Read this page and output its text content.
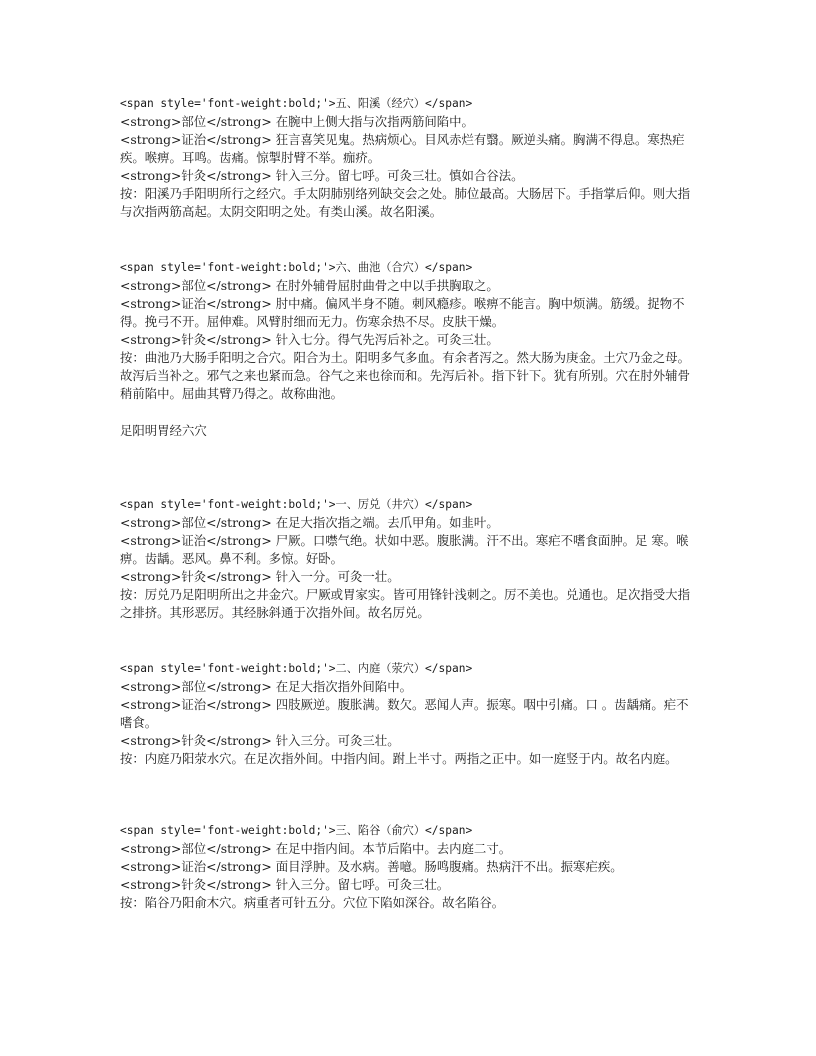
<span style='font-weight:bold;'>五、阳溪（经穴）</span>
<strong>部位</strong> 在腕中上侧大指与次指两筋间陷中。
<strong>证治</strong> 狂言喜笑见鬼。热病烦心。目风赤烂有翳。厥逆头痛。胸满不得息。寒热疟疾。喉痹。耳鸣。齿痛。惊掣肘臂不举。痂疥。
<strong>针灸</strong> 针入三分。留七呼。可灸三壮。慎如合谷法。
按：阳溪乃手阳明所行之经穴。手太阴肺别络列缺交会之处。肺位最高。大肠居下。手指掌后仰。则大指与次指两筋高起。太阴交阳明之处。有类山溪。故名阳溪。
<span style='font-weight:bold;'>六、曲池（合穴）</span>
<strong>部位</strong> 在肘外辅骨屈肘曲骨之中以手拱胸取之。
<strong>证治</strong> 肘中痛。偏风半身不随。刺风瘾疹。喉痹不能言。胸中烦满。筋缓。捉物不得。挽弓不开。屈伸难。风臂肘细而无力。伤寒余热不尽。皮肤干燥。
<strong>针灸</strong> 针入七分。得气先泻后补之。可灸三壮。
按：曲池乃大肠手阳明之合穴。阳合为土。阳明多气多血。有余者泻之。然大肠为庚金。土穴乃金之母。故泻后当补之。邪气之来也紧而急。谷气之来也徐而和。先泻后补。指下针下。犹有所别。穴在肘外辅骨稍前陷中。屈曲其臂乃得之。故称曲池。
足阳明胃经六穴
<span style='font-weight:bold;'>一、厉兑（井穴）</span>
<strong>部位</strong> 在足大指次指之端。去爪甲角。如韭叶。
<strong>证治</strong> 尸厥。口噤气绝。状如中恶。腹胀满。汗不出。寒疟不嗜食面肿。足 寒。喉痹。齿龋。恶风。鼻不利。多惊。好卧。
<strong>针灸</strong> 针入一分。可灸一壮。
按：厉兑乃足阳明所出之井金穴。尸厥或胃家实。皆可用锋针浅刺之。厉不美也。兑通也。足次指受大指之排挤。其形恶厉。其经脉斜通于次指外间。故名厉兑。
<span style='font-weight:bold;'>二、内庭（荥穴）</span>
<strong>部位</strong> 在足大指次指外间陷中。
<strong>证治</strong> 四肢厥逆。腹胀满。数欠。恶闻人声。振寒。咽中引痛。口 。齿龋痛。疟不嗜食。
<strong>针灸</strong> 针入三分。可灸三壮。
按：内庭乃阳荥水穴。在足次指外间。中指内间。跗上半寸。两指之正中。如一庭竖于内。故名内庭。
<span style='font-weight:bold;'>三、陷谷（俞穴）</span>
<strong>部位</strong> 在足中指内间。本节后陷中。去内庭二寸。
<strong>证治</strong> 面目浮肿。及水病。善噫。肠鸣腹痛。热病汗不出。振寒疟疾。
<strong>针灸</strong> 针入三分。留七呼。可灸三壮。
按：陷谷乃阳俞木穴。病重者可针五分。穴位下陷如深谷。故名陷谷。
